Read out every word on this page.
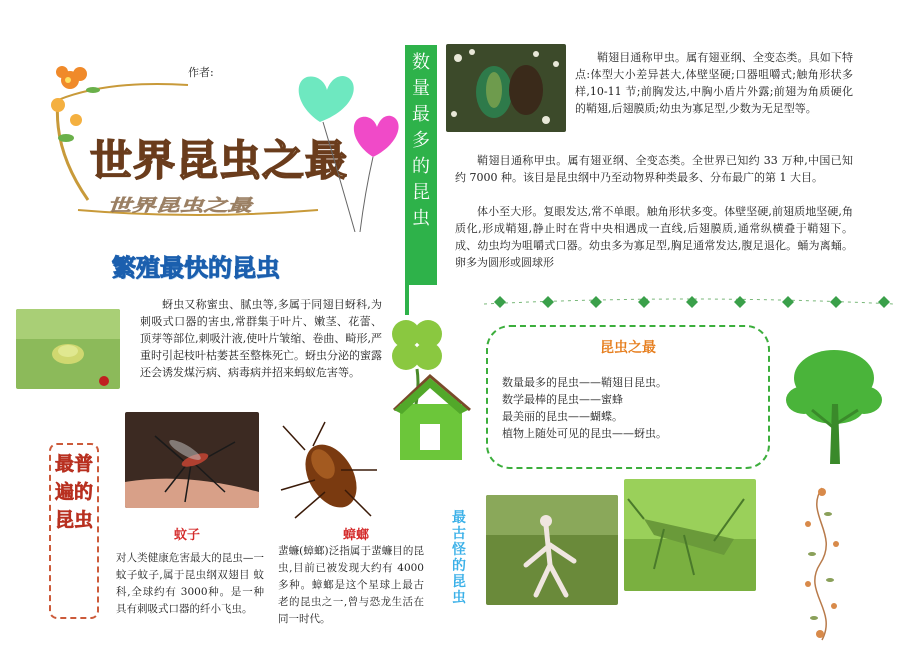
作者:
世界昆虫之最
世界昆虫之最
数量最多的昆虫
鞘翅目通称甲虫。属有翅亚纲、全变态类。具如下特点:体型大小差异甚大,体壁坚硬;口器咀嚼式;触角形状多样,10-11 节;前胸发达,中胸小盾片外露;前翅为角质硬化的鞘翅,后翅膜质;幼虫为寡足型,少数为无足型等。
鞘翅目通称甲虫。属有翅亚纲、全变态类。全世界已知约 33 万种,中国已知约 7000 种。该目是昆虫纲中乃至动物界种类最多、分布最广的第 1 大目。
体小至大形。复眼发达,常不单眼。触角形状多变。体壁坚硬,前翅质地坚硬,角质化,形成鞘翅,静止时在背中央相遇成一直线,后翅膜质,通常纵横叠于鞘翅下。成、幼虫均为咀嚼式口器。幼虫多为寡足型,胸足通常发达,腹足退化。蛹为离蛹。卵多为圆形或圆球形
繁殖最快的昆虫
蚜虫又称蜜虫、腻虫等,多属于同翅目蚜科,为刺吸式口器的害虫,常群集于叶片、嫩茎、花蕾、顶芽等部位,刺吸汁液,使叶片皱缩、卷曲、畸形,严重时引起枝叶枯萎甚至整株死亡。蚜虫分泌的蜜露还会诱发煤污病、病毒病并招来蚂蚁危害等。
昆虫之最
数量最多的昆虫——鞘翅目昆虫。
数学最棒的昆虫——蜜蜂
最美丽的昆虫——蝴蝶。
植物上随处可见的昆虫——蚜虫。
最普遍的昆虫
蚊子
对人类健康危害最大的昆虫—一蚊子蚊子,属于昆虫纲双翅目 蚊科,全球约有 3000种。是一种具有刺吸式口器的纤小飞虫。
蟑螂
蜚蠊(蟑螂)泛指属于蜚蠊目的昆虫,目前已被发现大约有 4000 多种。蟑螂是这个星球上最古老的昆虫之一,曾与恐龙生活在同一时代。
最古怪的昆虫
